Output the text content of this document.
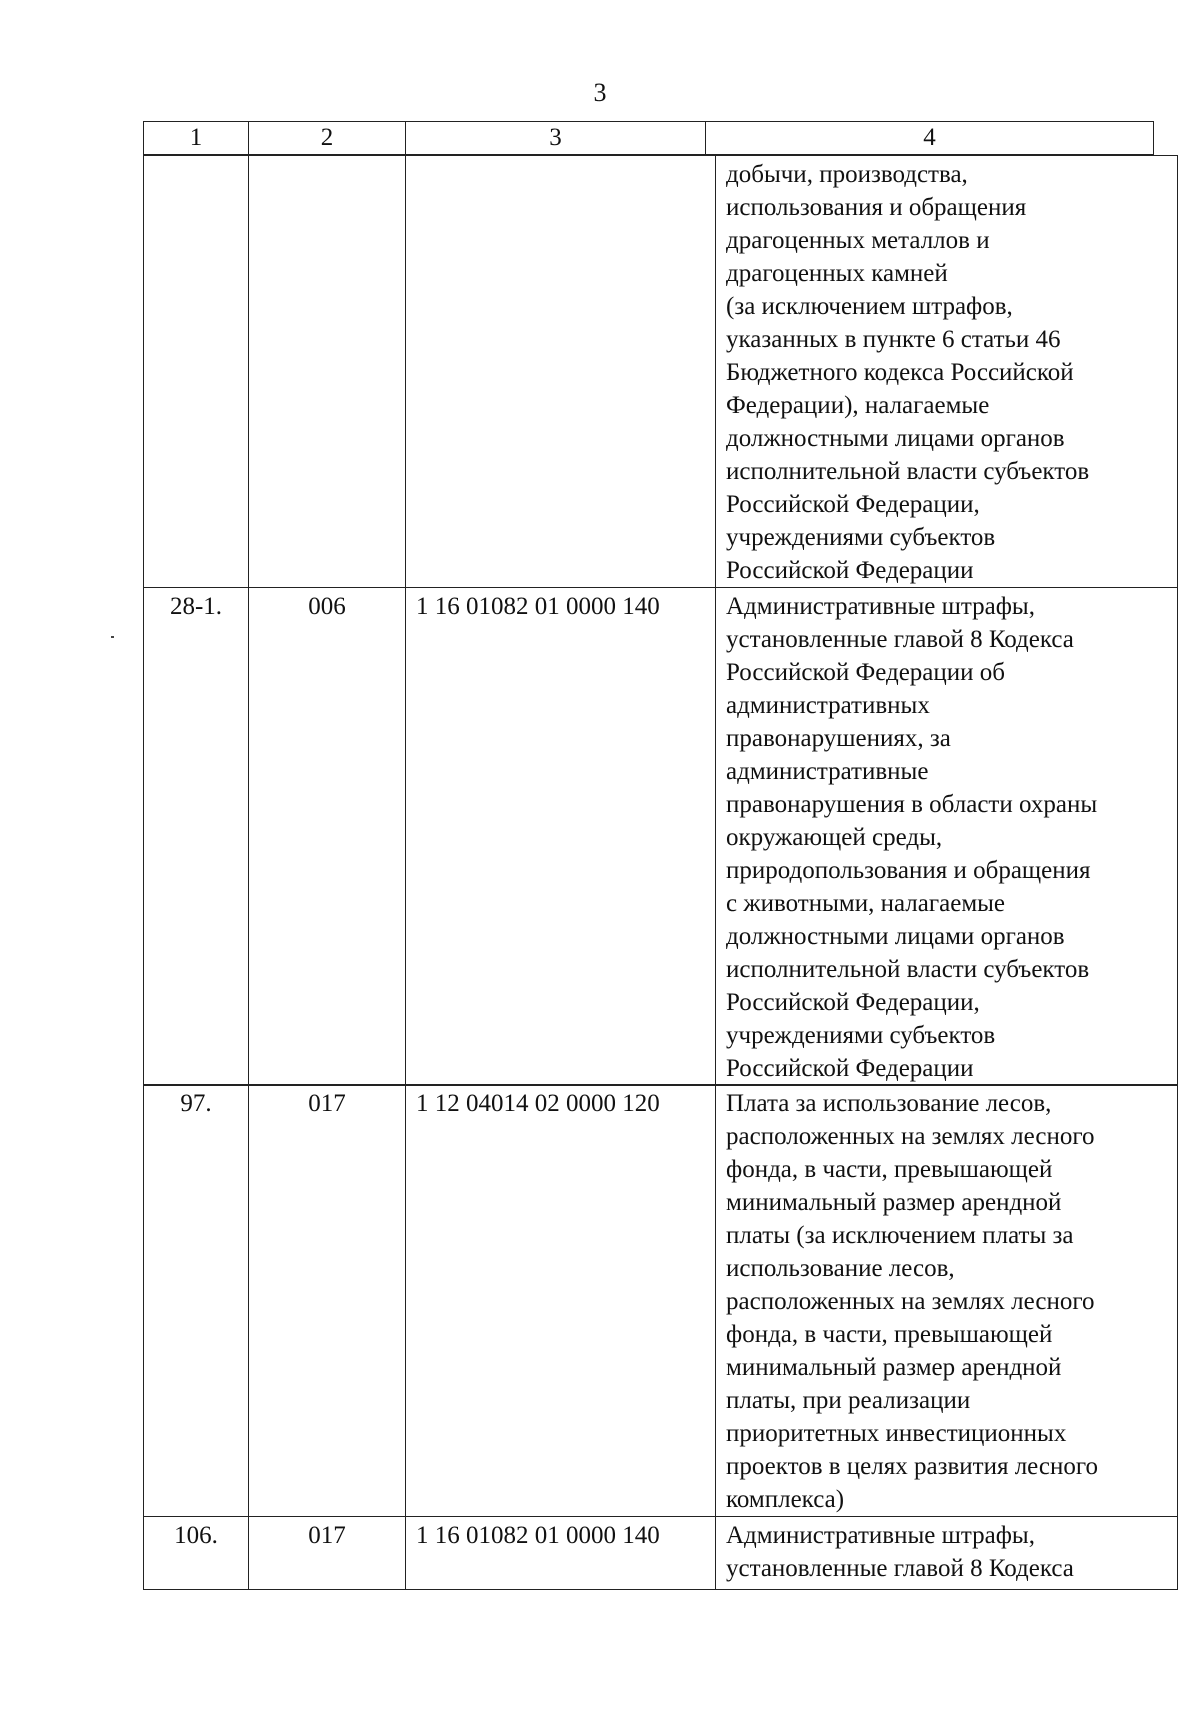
3
1	2	3	4

добычи, производства,
использования и обращения
драгоценных металлов и
драгоценных камней
(за исключением штрафов,
указанных в пункте 6 статьи 46
Бюджетного кодекса Российской
Федерации), налагаемые
должностными лицами органов
исполнительной власти субъектов
Российской Федерации,
учреждениями субъектов
Российской Федерации
28-1.	006	1 16 01082 01 0000 140	Административные штрафы,
установленные главой 8 Кодекса
Российской Федерации об
административных
правонарушениях, за
административные
правонарушения в области охраны
окружающей среды,
природопользования и обращения
с животными, налагаемые
должностными лицами органов
исполнительной власти субъектов
Российской Федерации,
учреждениями субъектов
Российской Федерации
97.	017	1 12 04014 02 0000 120	Плата за использование лесов,
расположенных на землях лесного
фонда, в части, превышающей
минимальный размер арендной
платы (за исключением платы за
использование лесов,
расположенных на землях лесного
фонда, в части, превышающей
минимальный размер арендной
платы, при реализации
приоритетных инвестиционных
проектов в целях развития лесного
комплекса)
106.	017	1 16 01082 01 0000 140	Административные штрафы,
установленные главой 8 Кодекса
